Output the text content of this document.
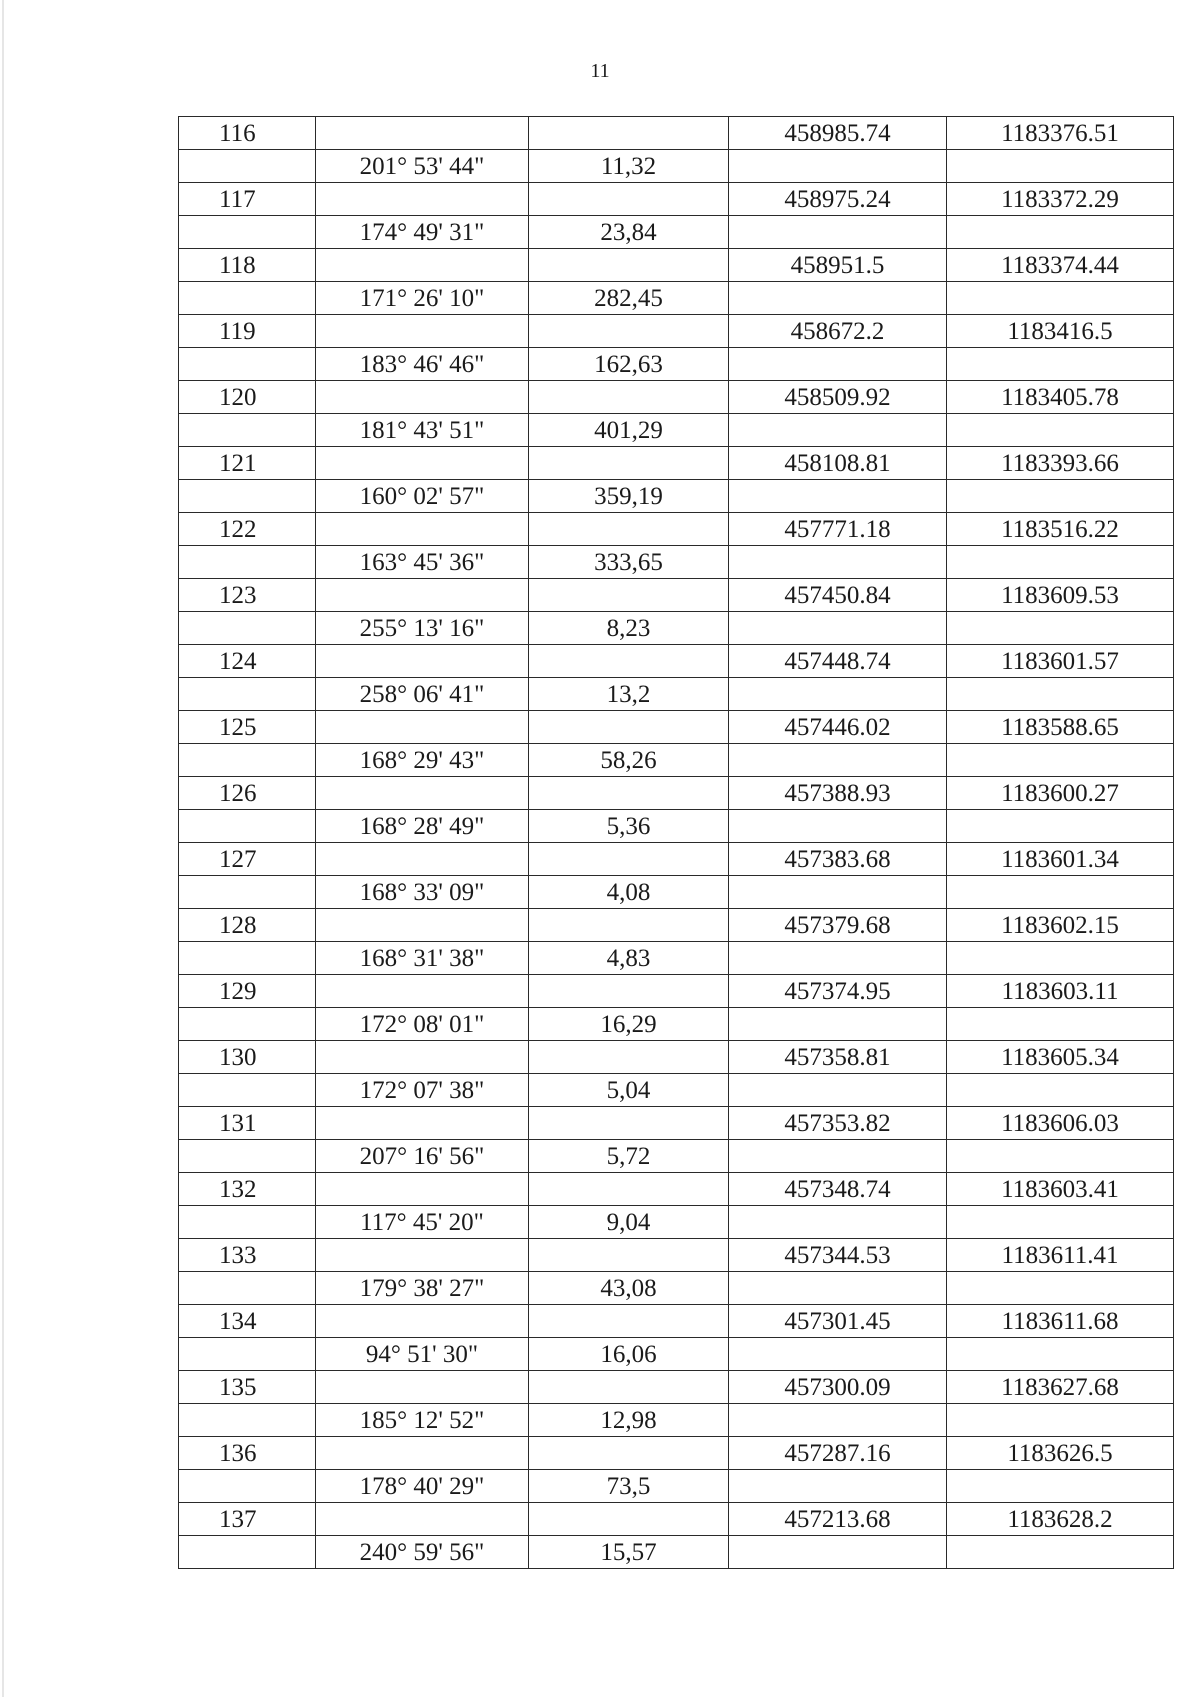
11
116			458985.74	1183376.51
	201° 53' 44"	11,32		
117			458975.24	1183372.29
	174° 49' 31"	23,84		
118			458951.5	1183374.44
	171° 26' 10"	282,45		
119			458672.2	1183416.5
	183° 46' 46"	162,63		
120			458509.92	1183405.78
	181° 43' 51"	401,29		
121			458108.81	1183393.66
	160° 02' 57"	359,19		
122			457771.18	1183516.22
	163° 45' 36"	333,65		
123			457450.84	1183609.53
	255° 13' 16"	8,23		
124			457448.74	1183601.57
	258° 06' 41"	13,2		
125			457446.02	1183588.65
	168° 29' 43"	58,26		
126			457388.93	1183600.27
	168° 28' 49"	5,36		
127			457383.68	1183601.34
	168° 33' 09"	4,08		
128			457379.68	1183602.15
	168° 31' 38"	4,83		
129			457374.95	1183603.11
	172° 08' 01"	16,29		
130			457358.81	1183605.34
	172° 07' 38"	5,04		
131			457353.82	1183606.03
	207° 16' 56"	5,72		
132			457348.74	1183603.41
	117° 45' 20"	9,04		
133			457344.53	1183611.41
	179° 38' 27"	43,08		
134			457301.45	1183611.68
	94° 51' 30"	16,06		
135			457300.09	1183627.68
	185° 12' 52"	12,98		
136			457287.16	1183626.5
	178° 40' 29"	73,5		
137			457213.68	1183628.2
	240° 59' 56"	15,57		
